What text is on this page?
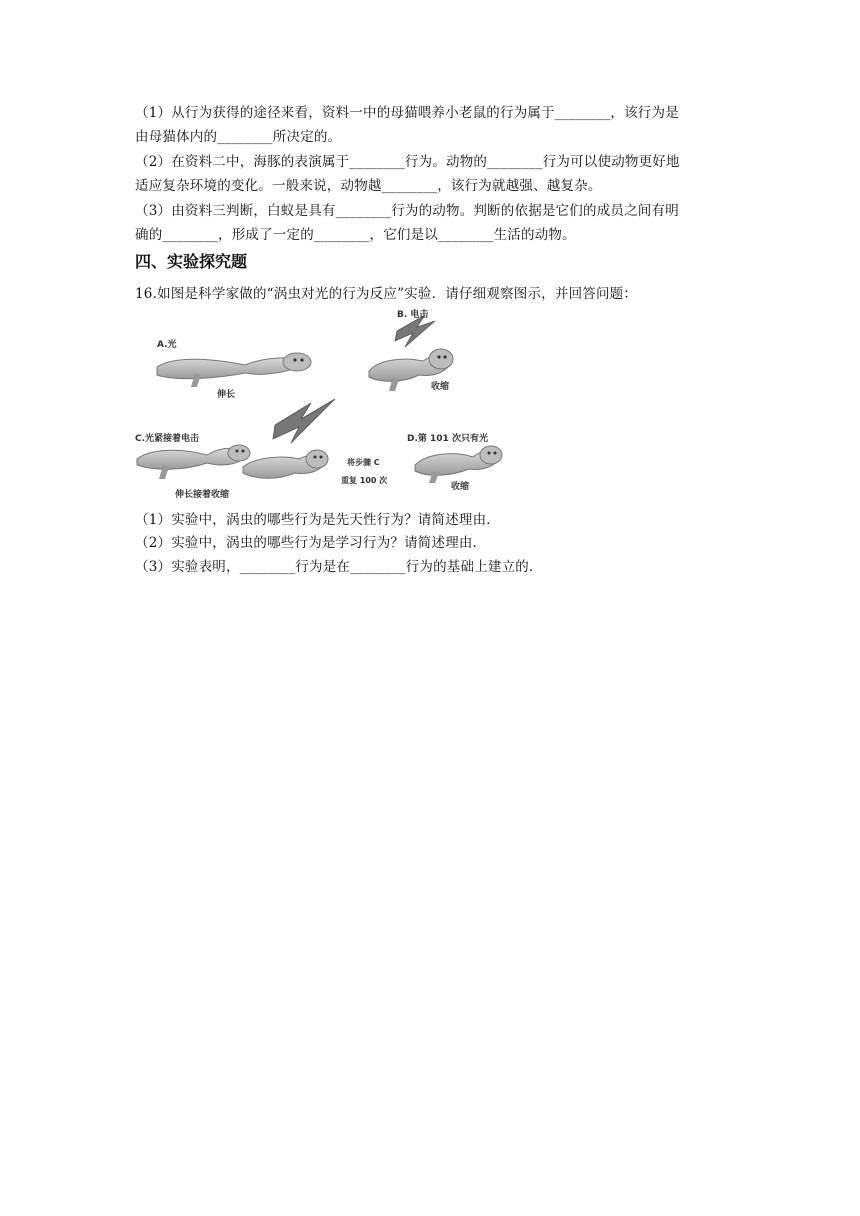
（1）从行为获得的途径来看，资料一中的母猫喂养小老鼠的行为属于________，该行为是
由母猫体内的________所决定的。
（2）在资料二中，海豚的表演属于________行为。动物的________行为可以使动物更好地
适应复杂环境的变化。一般来说，动物越________，该行为就越强、越复杂。
（3）由资料三判断，白蚁是具有________行为的动物。判断的依据是它们的成员之间有明
确的________，形成了一定的________，它们是以________生活的动物。
四、实验探究题
16.如图是科学家做的“涡虫对光的行为反应”实验．请仔细观察图示，并回答问题：
A.光
伸长
B. 电击
收缩
C.光紧接着电击
伸长接着收缩
将步骤 C
重复 100 次
D.第 101 次只有光
收缩
（1）实验中，涡虫的哪些行为是先天性行为？请简述理由．
（2）实验中，涡虫的哪些行为是学习行为？请简述理由．
（3）实验表明，________行为是在________行为的基础上建立的．
